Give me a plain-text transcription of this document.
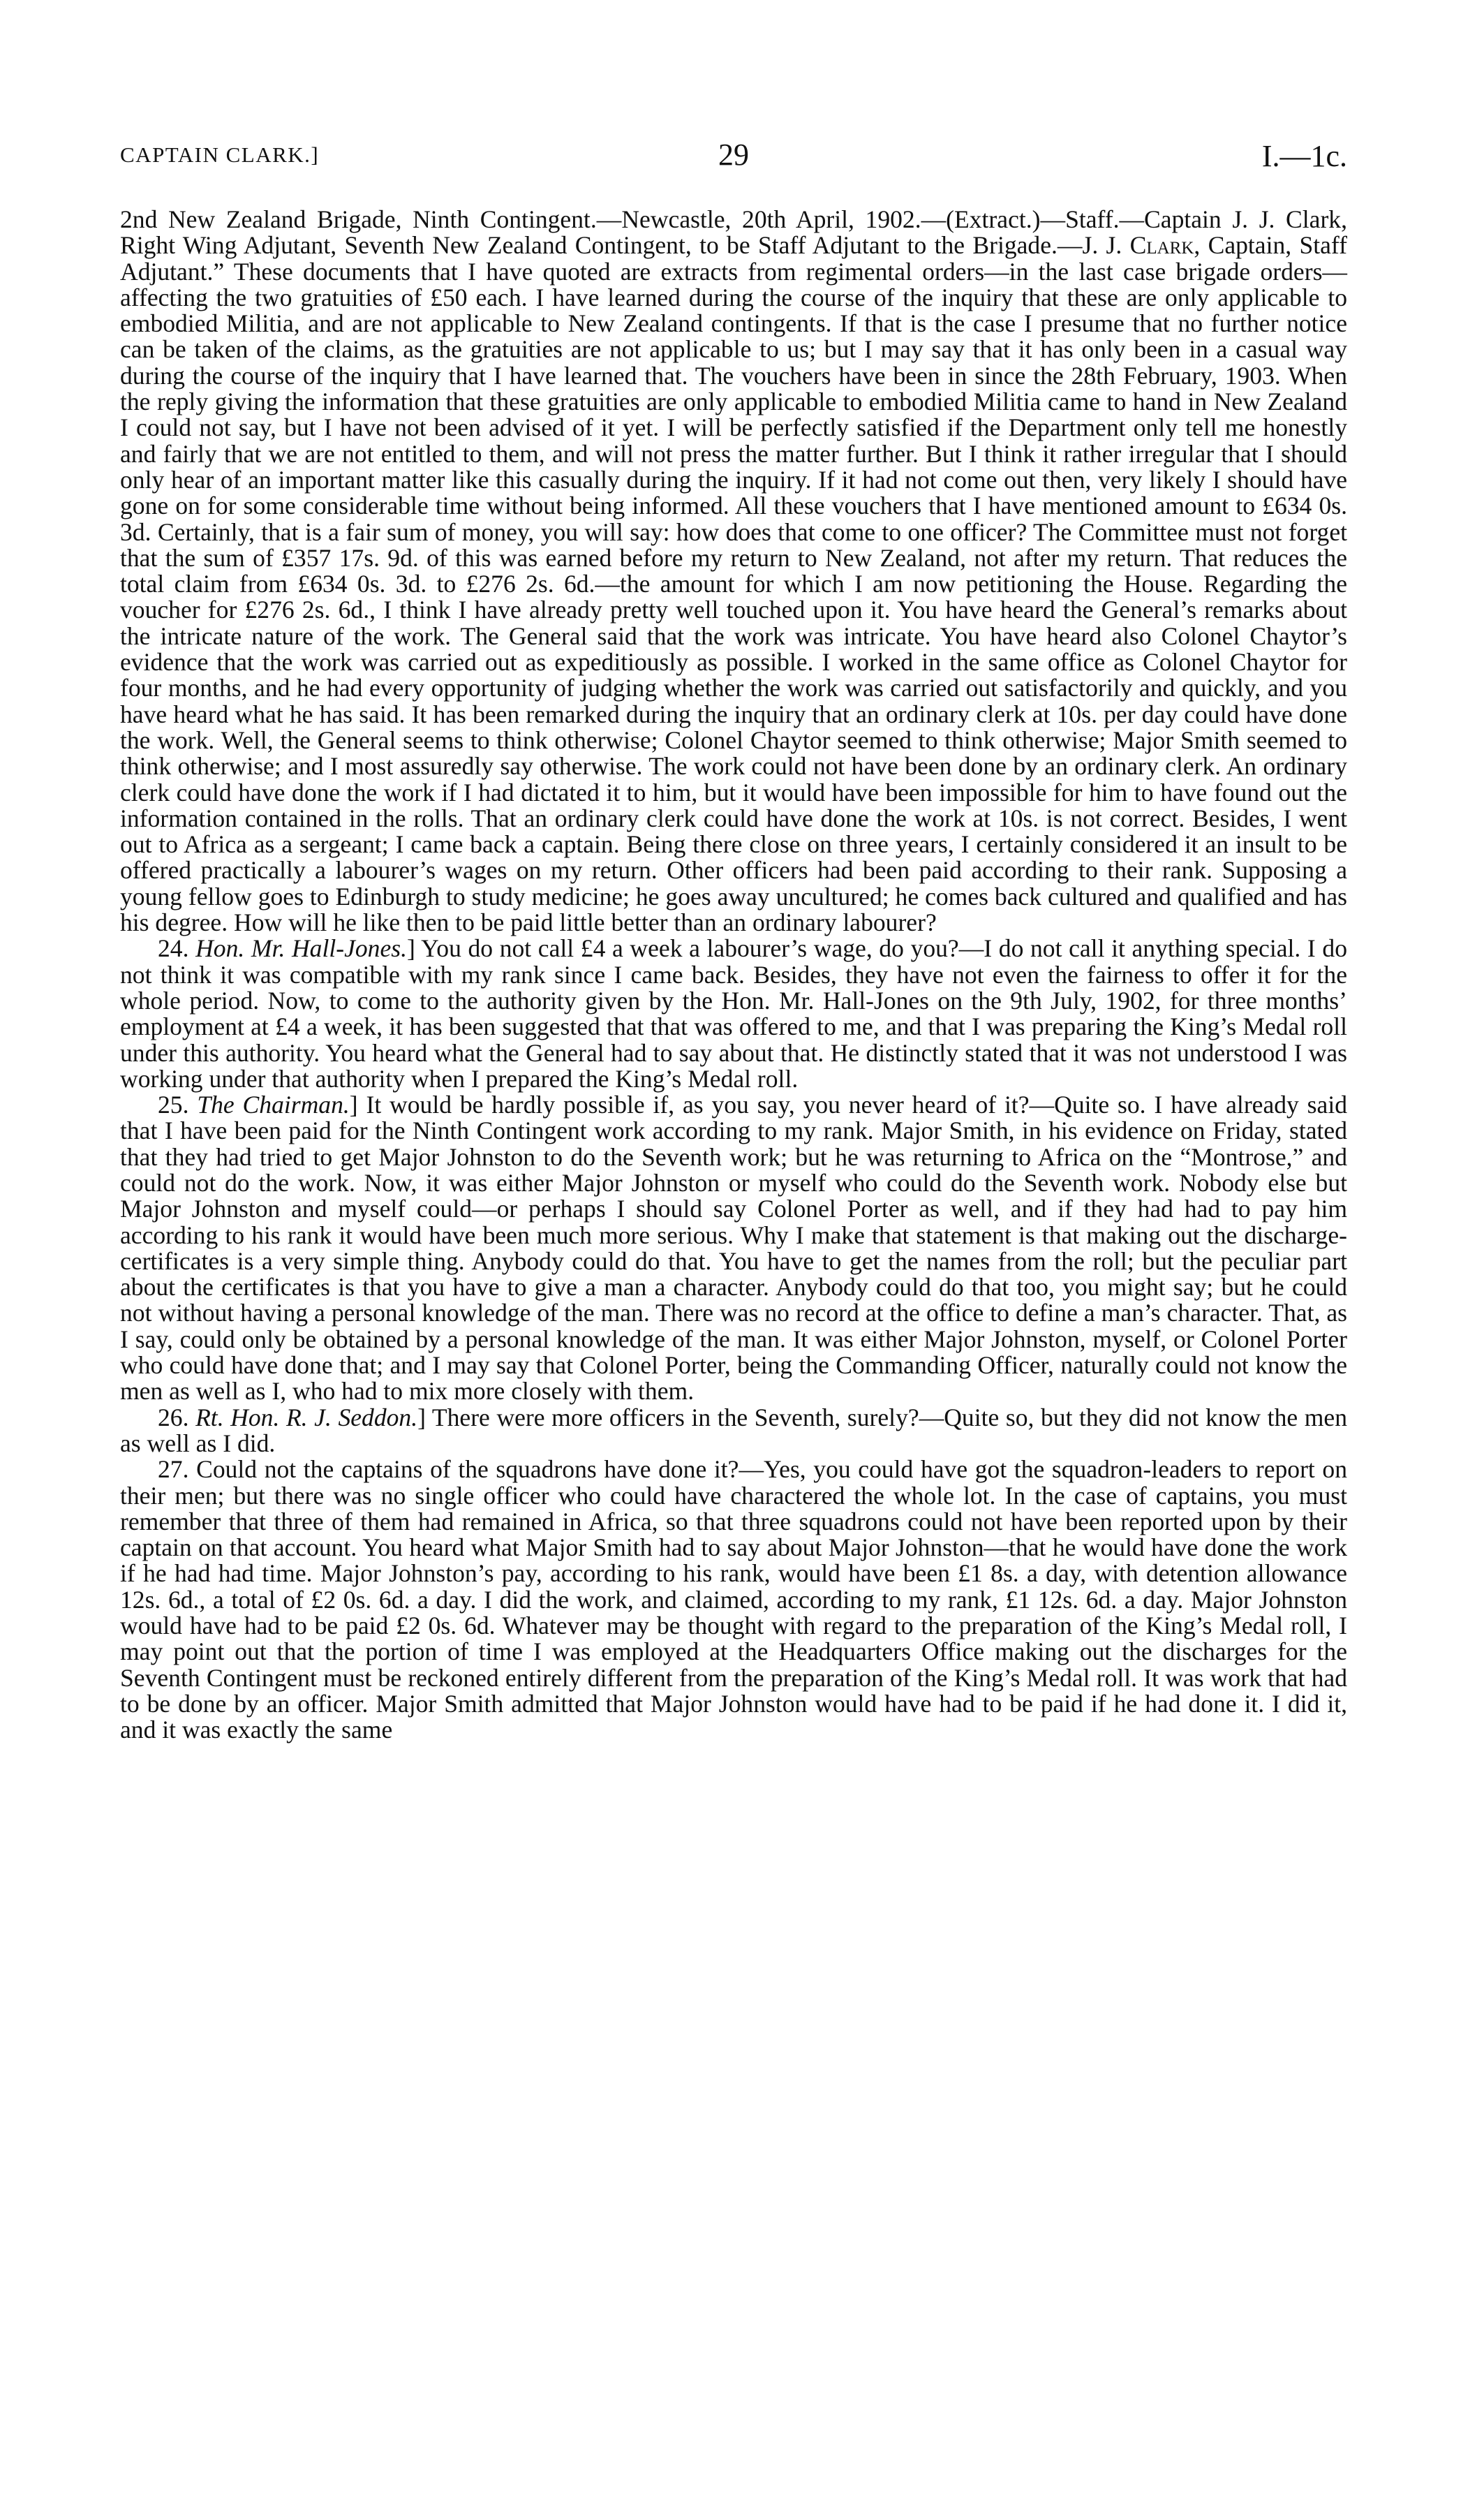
CAPTAIN CLARK.]	29	I.—1c.

2nd New Zealand Brigade, Ninth Contingent.—Newcastle, 20th April, 1902.—(Extract.)—Staff.—Captain J. J. Clark, Right Wing Adjutant, Seventh New Zealand Contingent, to be Staff Adjutant to the Brigade.—J. J. Clark, Captain, Staff Adjutant.” These documents that I have quoted are extracts from regimental orders—in the last case brigade orders—affecting the two gratuities of £50 each. I have learned during the course of the inquiry that these are only applicable to embodied Militia, and are not applicable to New Zealand contingents. If that is the case I presume that no further notice can be taken of the claims, as the gratuities are not applicable to us; but I may say that it has only been in a casual way during the course of the inquiry that I have learned that. The vouchers have been in since the 28th February, 1903. When the reply giving the information that these gratuities are only applicable to embodied Militia came to hand in New Zealand I could not say, but I have not been advised of it yet. I will be perfectly satisfied if the Department only tell me honestly and fairly that we are not entitled to them, and will not press the matter further. But I think it rather irregular that I should only hear of an important matter like this casually during the inquiry. If it had not come out then, very likely I should have gone on for some considerable time without being informed. All these vouchers that I have mentioned amount to £634 0s. 3d. Certainly, that is a fair sum of money, you will say: how does that come to one officer? The Committee must not forget that the sum of £357 17s. 9d. of this was earned before my return to New Zealand, not after my return. That reduces the total claim from £634 0s. 3d. to £276 2s. 6d.—the amount for which I am now petitioning the House. Regarding the voucher for £276 2s. 6d., I think I have already pretty well touched upon it. You have heard the General’s remarks about the intricate nature of the work. The General said that the work was intricate. You have heard also Colonel Chaytor’s evidence that the work was carried out as expeditiously as possible. I worked in the same office as Colonel Chaytor for four months, and he had every opportunity of judging whether the work was carried out satisfactorily and quickly, and you have heard what he has said. It has been remarked during the inquiry that an ordinary clerk at 10s. per day could have done the work. Well, the General seems to think otherwise; Colonel Chaytor seemed to think otherwise; Major Smith seemed to think otherwise; and I most assuredly say otherwise. The work could not have been done by an ordinary clerk. An ordinary clerk could have done the work if I had dictated it to him, but it would have been impossible for him to have found out the information contained in the rolls. That an ordinary clerk could have done the work at 10s. is not correct. Besides, I went out to Africa as a sergeant; I came back a captain. Being there close on three years, I certainly considered it an insult to be offered practically a labourer’s wages on my return. Other officers had been paid according to their rank. Supposing a young fellow goes to Edinburgh to study medicine; he goes away uncultured; he comes back cultured and qualified and has his degree. How will he like then to be paid little better than an ordinary labourer?

24. Hon. Mr. Hall-Jones.] You do not call £4 a week a labourer’s wage, do you?—I do not call it anything special. I do not think it was compatible with my rank since I came back. Besides, they have not even the fairness to offer it for the whole period. Now, to come to the authority given by the Hon. Mr. Hall-Jones on the 9th July, 1902, for three months’ employment at £4 a week, it has been suggested that that was offered to me, and that I was preparing the King’s Medal roll under this authority. You heard what the General had to say about that. He distinctly stated that it was not understood I was working under that authority when I prepared the King’s Medal roll.

25. The Chairman.] It would be hardly possible if, as you say, you never heard of it?—Quite so. I have already said that I have been paid for the Ninth Contingent work according to my rank. Major Smith, in his evidence on Friday, stated that they had tried to get Major Johnston to do the Seventh work; but he was returning to Africa on the “Montrose,” and could not do the work. Now, it was either Major Johnston or myself who could do the Seventh work. Nobody else but Major Johnston and myself could—or perhaps I should say Colonel Porter as well, and if they had had to pay him according to his rank it would have been much more serious. Why I make that statement is that making out the discharge-certificates is a very simple thing. Anybody could do that. You have to get the names from the roll; but the peculiar part about the certificates is that you have to give a man a character. Anybody could do that too, you might say; but he could not without having a personal knowledge of the man. There was no record at the office to define a man’s character. That, as I say, could only be obtained by a personal knowledge of the man. It was either Major Johnston, myself, or Colonel Porter who could have done that; and I may say that Colonel Porter, being the Commanding Officer, naturally could not know the men as well as I, who had to mix more closely with them.

26. Rt. Hon. R. J. Seddon.] There were more officers in the Seventh, surely?—Quite so, but they did not know the men as well as I did.

27. Could not the captains of the squadrons have done it?—Yes, you could have got the squadron-leaders to report on their men; but there was no single officer who could have charactered the whole lot. In the case of captains, you must remember that three of them had remained in Africa, so that three squadrons could not have been reported upon by their captain on that account. You heard what Major Smith had to say about Major Johnston—that he would have done the work if he had had time. Major Johnston’s pay, according to his rank, would have been £1 8s. a day, with detention allowance 12s. 6d., a total of £2 0s. 6d. a day. I did the work, and claimed, according to my rank, £1 12s. 6d. a day. Major Johnston would have had to be paid £2 0s. 6d. Whatever may be thought with regard to the preparation of the King’s Medal roll, I may point out that the portion of time I was employed at the Headquarters Office making out the discharges for the Seventh Contingent must be reckoned entirely different from the preparation of the King’s Medal roll. It was work that had to be done by an officer. Major Smith admitted that Major Johnston would have had to be paid if he had done it. I did it, and it was exactly the same
